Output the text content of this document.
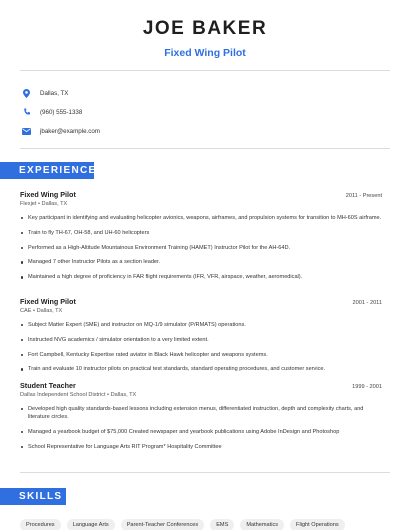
JOE BAKER
Fixed Wing Pilot
Dallas, TX
(960) 555-1338
jbaker@example.com
EXPERIENCE
Fixed Wing Pilot	2011 - Present
Flexjet • Dallas, TX
Key participant in identifying and evaluating helicopter avionics, weapons, airframes, and propulsion systems for transition to MH-60S airframe.
Train to fly TH-67, OH-58, and UH-60 helicopters
Performed as a High-Altitude Mountainous Environment Training (HAMET) Instructor Pilot for the AH-64D.
Managed 7 other Instructor Pilots as a section leader.
Maintained a high degree of proficiency in FAR flight requirements (IFR, VFR, airspace, weather, aeromedical).
Fixed Wing Pilot	2001 - 2011
CAE • Dallas, TX
Subject Matter Expert (SME) and instructor on MQ-1/9 simulator (P/RMATS) operations.
Instructed NVG academics / simulator orientation to a very limited extent.
Fort Campbell, Kentucky Expertise rated aviator in Black Hawk helicopter and weapons systems.
Train and evaluate 10 instructor pilots on practical test standards, standard operating procedures, and customer service.
Student Teacher	1999 - 2001
Dallas Independent School District • Dallas, TX
Developed high quality standards-based lessons including extension menus, differentiated instruction, depth and complexity charts, and literature circles.
Managed a yearbook budget of $75,000 Created newspaper and yearbook publications using Adobe InDesign and Photoshop
School Representative for Language Arts RIT Program* Hospitality Committee
SKILLS
Procedures	Language Arts	Parent-Teacher Conferences	EMS	Mathematics	Flight Operations
